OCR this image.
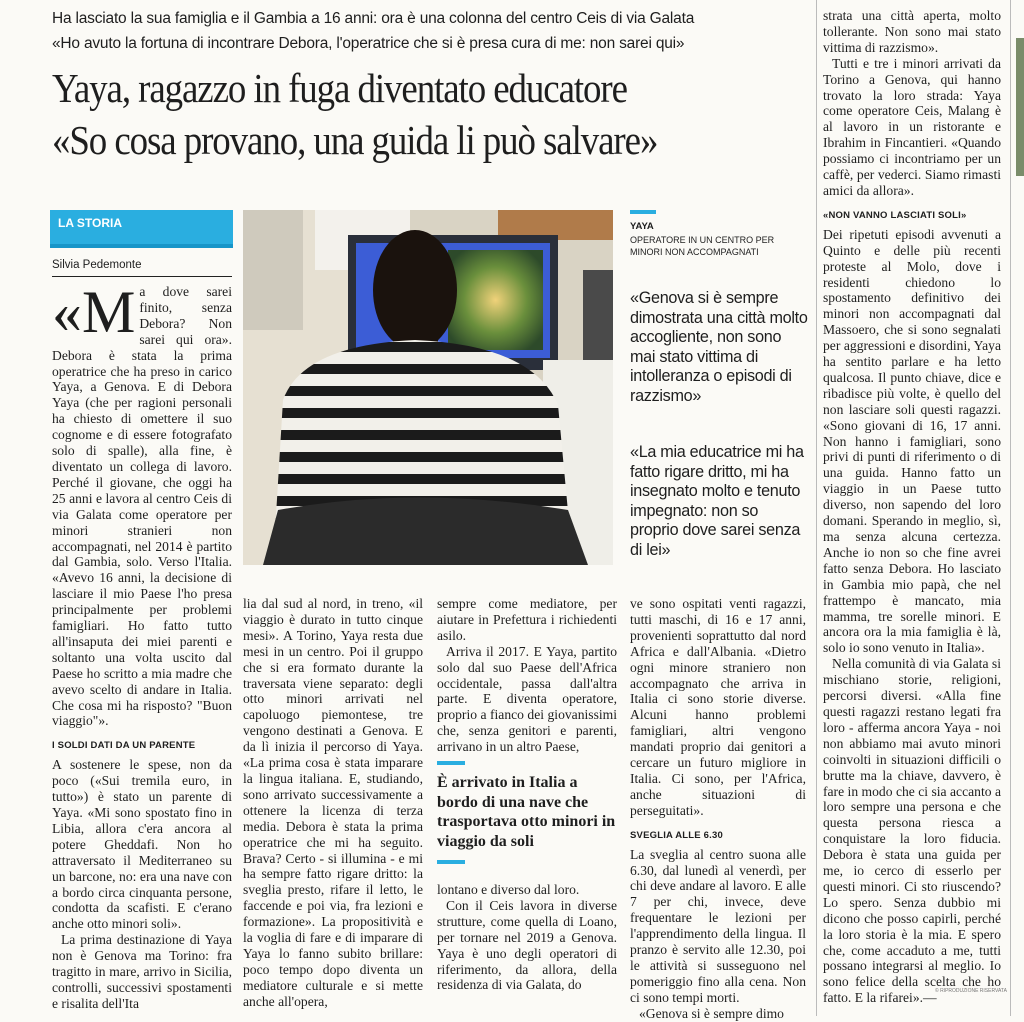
Ha lasciato la sua famiglia e il Gambia a 16 anni: ora è una colonna del centro Ceis di via Galata
«Ho avuto la fortuna di incontrare Debora, l'operatrice che si è presa cura di me: non sarei qui»
Yaya, ragazzo in fuga diventato educatore
«So cosa provano, una guida li può salvare»
LA STORIA
Silvia Pedemonte

«Ma dove sarei finito, senza Debora? Non sarei qui ora». Debora è stata la prima operatrice che ha preso in carico Yaya, a Genova. E di Debora Yaya (che per ragioni personali ha chiesto di omettere il suo cognome e di essere fotografato solo di spalle), alla fine, è diventato un collega di lavoro. Perché il giovane, che oggi ha 25 anni e lavora al centro Ceis di via Galata come operatore per minori stranieri non accompagnati, nel 2014 è partito dal Gambia, solo. Verso l'Italia. «Avevo 16 anni, la decisione di lasciare il mio Paese l'ho presa principalmente per problemi famigliari. Ho fatto tutto all'insaputa dei miei parenti e soltanto una volta uscito dal Paese ho scritto a mia madre che avevo scelto di andare in Italia. Che cosa mi ha risposto? "Buon viaggio"».

I SOLDI DATI DA UN PARENTE

A sostenere le spese, non da poco («Sui tremila euro, in tutto») è stato un parente di Yaya. «Mi sono spostato fino in Libia, allora c'era ancora al potere Gheddafi. Non ho attraversato il Mediterraneo su un barcone, no: era una nave con a bordo circa cinquanta persone, condotta da scafisti. E c'erano anche otto minori soli».

La prima destinazione di Yaya non è Genova ma Torino: fra tragitto in mare, arrivo in Sicilia, controlli, successivi spostamenti e risalita dell'Ita

YAYA
OPERATORE IN UN CENTRO PER MINORI NON ACCOMPAGNATI
«Genova si è sempre dimostrata una città molto accogliente, non sono mai stato vittima di intolleranza o episodi di razzismo»
«La mia educatrice mi ha fatto rigare dritto, mi ha insegnato molto e tenuto impegnato: non so proprio dove sarei senza di lei»

lia dal sud al nord, in treno, «il viaggio è durato in tutto cinque mesi». A Torino, Yaya resta due mesi in un centro. Poi il gruppo che si era formato durante la traversata viene separato: degli otto minori arrivati nel capoluogo piemontese, tre vengono destinati a Genova. E da lì inizia il percorso di Yaya. «La prima cosa è stata imparare la lingua italiana. E, studiando, sono arrivato successivamente a ottenere la licenza di terza media. Debora è stata la prima operatrice che mi ha seguito. Brava? Certo - si illumina - e mi ha sempre fatto rigare dritto: la sveglia presto, rifare il letto, le faccende e poi via, fra lezioni e formazione». La propositività e la voglia di fare e di imparare di Yaya lo fanno subito brillare: poco tempo dopo diventa un mediatore culturale e si mette anche all'opera,

sempre come mediatore, per aiutare in Prefettura i richiedenti asilo.

Arriva il 2017. E Yaya, partito solo dal suo Paese dell'Africa occidentale, passa dall'altra parte. E diventa operatore, proprio a fianco dei giovanissimi che, senza genitori e parenti, arrivano in un altro Paese,

È arrivato in Italia a bordo di una nave che trasportava otto minori in viaggio da soli

lontano e diverso dal loro.

Con il Ceis lavora in diverse strutture, come quella di Loano, per tornare nel 2019 a Genova. Yaya è uno degli operatori di riferimento, da allora, della residenza di via Galata, do

ve sono ospitati venti ragazzi, tutti maschi, di 16 e 17 anni, provenienti soprattutto dal nord Africa e dall'Albania. «Dietro ogni minore straniero non accompagnato che arriva in Italia ci sono storie diverse. Alcuni hanno problemi famigliari, altri vengono mandati proprio dai genitori a cercare un futuro migliore in Italia. Ci sono, per l'Africa, anche situazioni di perseguitati».

SVEGLIA ALLE 6.30

La sveglia al centro suona alle 6.30, dal lunedì al venerdì, per chi deve andare al lavoro. E alle 7 per chi, invece, deve frequentare le lezioni per l'apprendimento della lingua. Il pranzo è servito alle 12.30, poi le attività si susseguono nel pomeriggio fino alla cena. Non ci sono tempi morti.

«Genova si è sempre dimo

strata una città aperta, molto tollerante. Non sono mai stato vittima di razzismo».

Tutti e tre i minori arrivati da Torino a Genova, qui hanno trovato la loro strada: Yaya come operatore Ceis, Malang è al lavoro in un ristorante e Ibrahim in Fincantieri. «Quando possiamo ci incontriamo per un caffè, per vederci. Siamo rimasti amici da allora».

«NON VANNO LASCIATI SOLI»

Dei ripetuti episodi avvenuti a Quinto e delle più recenti proteste al Molo, dove i residenti chiedono lo spostamento definitivo dei minori non accompagnati dal Massoero, che si sono segnalati per aggressioni e disordini, Yaya ha sentito parlare e ha letto qualcosa. Il punto chiave, dice e ribadisce più volte, è quello del non lasciare soli questi ragazzi. «Sono giovani di 16, 17 anni. Non hanno i famigliari, sono privi di punti di riferimento o di una guida. Hanno fatto un viaggio in un Paese tutto diverso, non sapendo del loro domani. Sperando in meglio, sì, ma senza alcuna certezza. Anche io non so che fine avrei fatto senza Debora. Ho lasciato in Gambia mio papà, che nel frattempo è mancato, mia mamma, tre sorelle minori. E ancora ora la mia famiglia è là, solo io sono venuto in Italia».

Nella comunità di via Galata si mischiano storie, religioni, percorsi diversi. «Alla fine questi ragazzi restano legati fra loro - afferma ancora Yaya - noi non abbiamo mai avuto minori coinvolti in situazioni difficili o brutte ma la chiave, davvero, è fare in modo che ci sia accanto a loro sempre una persona e che questa persona riesca a conquistare la loro fiducia. Debora è stata una guida per me, io cerco di esserlo per questi minori. Ci sto riuscendo? Lo spero. Senza dubbio mi dicono che posso capirli, perché la loro storia è la mia. E spero che, come accaduto a me, tutti possano integrarsi al meglio. Io sono felice della scelta che ho fatto. E la rifarei».—

© RIPRODUZIONE RISERVATA
